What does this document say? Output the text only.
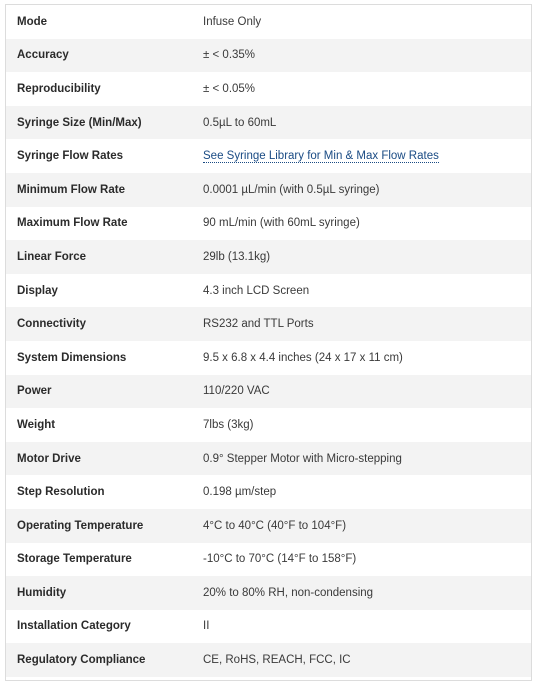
Mode	Infuse Only
Accuracy	± < 0.35%
Reproducibility	± < 0.05%
Syringe Size (Min/Max)	0.5µL to 60mL
Syringe Flow Rates	See Syringe Library for Min & Max Flow Rates
Minimum Flow Rate	0.0001 µL/min (with 0.5µL syringe)
Maximum Flow Rate	90 mL/min (with 60mL syringe)
Linear Force	29lb (13.1kg)
Display	4.3 inch LCD Screen
Connectivity	RS232 and TTL Ports
System Dimensions	9.5 x 6.8 x 4.4 inches (24 x 17 x 11 cm)
Power	110/220 VAC
Weight	7lbs (3kg)
Motor Drive	0.9° Stepper Motor with Micro-stepping
Step Resolution	0.198 µm/step
Operating Temperature	4°C to 40°C (40°F to 104°F)
Storage Temperature	-10°C to 70°C (14°F to 158°F)
Humidity	20% to 80% RH, non-condensing
Installation Category	II
Regulatory Compliance	CE, RoHS, REACH, FCC, IC
